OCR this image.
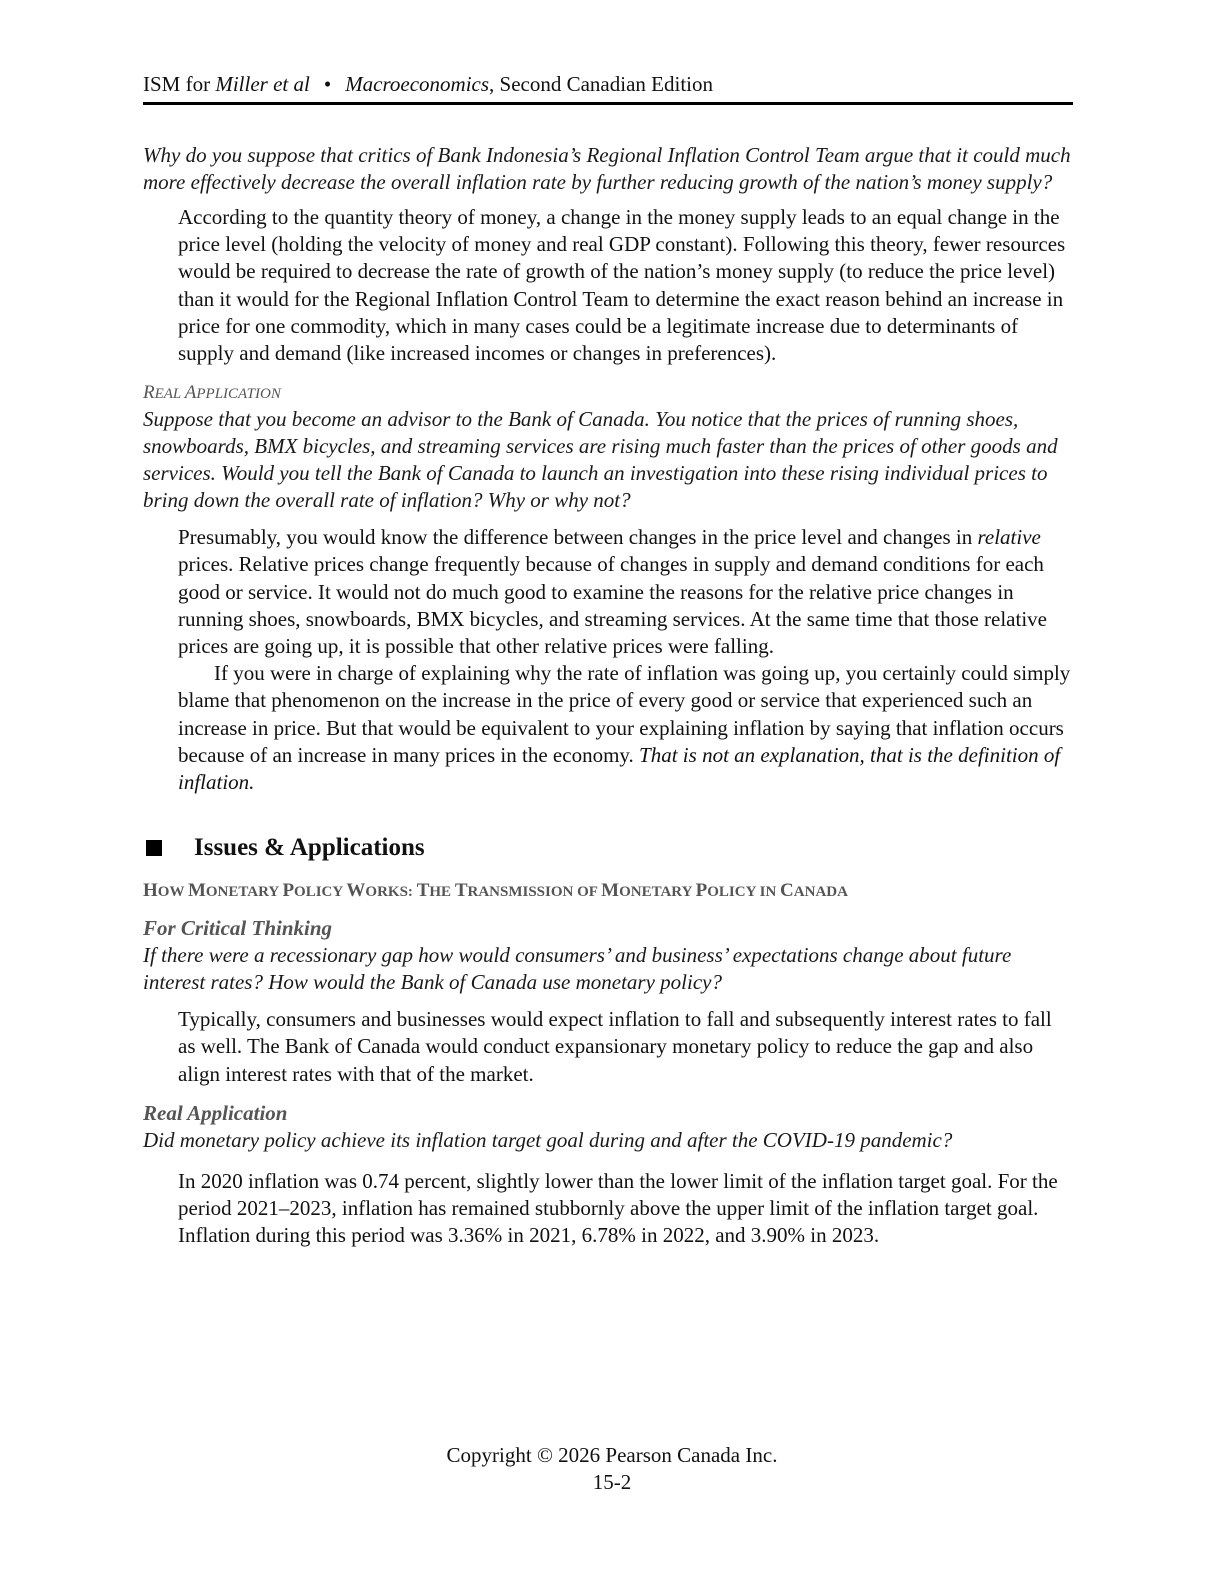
ISM for Miller et al • Macroeconomics, Second Canadian Edition

Why do you suppose that critics of Bank Indonesia’s Regional Inflation Control Team argue that it could much more effectively decrease the overall inflation rate by further reducing growth of the nation’s money supply?

According to the quantity theory of money, a change in the money supply leads to an equal change in the price level (holding the velocity of money and real GDP constant). Following this theory, fewer resources would be required to decrease the rate of growth of the nation’s money supply (to reduce the price level) than it would for the Regional Inflation Control Team to determine the exact reason behind an increase in price for one commodity, which in many cases could be a legitimate increase due to determinants of supply and demand (like increased incomes or changes in preferences).

REAL APPLICATION

Suppose that you become an advisor to the Bank of Canada. You notice that the prices of running shoes, snowboards, BMX bicycles, and streaming services are rising much faster than the prices of other goods and services. Would you tell the Bank of Canada to launch an investigation into these rising individual prices to bring down the overall rate of inflation? Why or why not?

Presumably, you would know the difference between changes in the price level and changes in relative prices. Relative prices change frequently because of changes in supply and demand conditions for each good or service. It would not do much good to examine the reasons for the relative price changes in running shoes, snowboards, BMX bicycles, and streaming services. At the same time that those relative prices are going up, it is possible that other relative prices were falling.

If you were in charge of explaining why the rate of inflation was going up, you certainly could simply blame that phenomenon on the increase in the price of every good or service that experienced such an increase in price. But that would be equivalent to your explaining inflation by saying that inflation occurs because of an increase in many prices in the economy. That is not an explanation, that is the definition of inflation.

Issues & Applications

HOW MONETARY POLICY WORKS: THE TRANSMISSION OF MONETARY POLICY IN CANADA

For Critical Thinking

If there were a recessionary gap how would consumers’ and business’ expectations change about future interest rates? How would the Bank of Canada use monetary policy?

Typically, consumers and businesses would expect inflation to fall and subsequently interest rates to fall as well. The Bank of Canada would conduct expansionary monetary policy to reduce the gap and also align interest rates with that of the market.

Real Application

Did monetary policy achieve its inflation target goal during and after the COVID-19 pandemic?

In 2020 inflation was 0.74 percent, slightly lower than the lower limit of the inflation target goal. For the period 2021–2023, inflation has remained stubbornly above the upper limit of the inflation target goal. Inflation during this period was 3.36% in 2021, 6.78% in 2022, and 3.90% in 2023.

Copyright © 2026 Pearson Canada Inc.
15-2
